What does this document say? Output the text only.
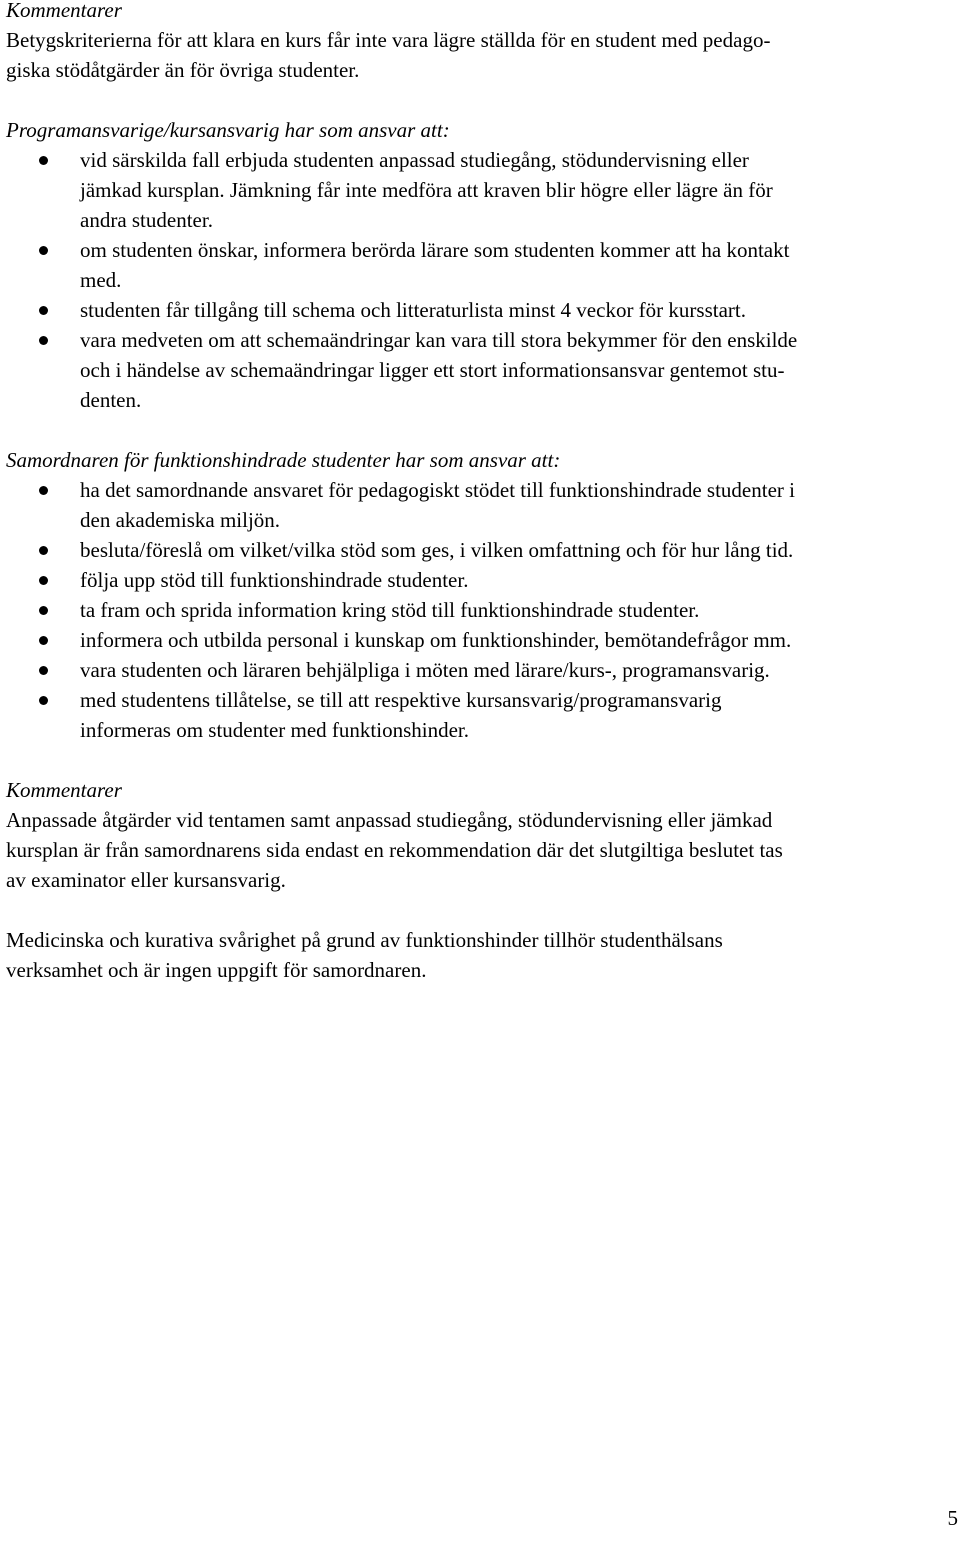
Kommentarer

Betygskriterierna för att klara en kurs får inte vara lägre ställda för en student med pedago-
giska stödåtgärder än för övriga studenter.

Programansvarige/kursansvarig har som ansvar att:

vid särskilda fall erbjuda studenten anpassad studiegång, stödundervisning eller
jämkad kursplan. Jämkning får inte medföra att kraven blir högre eller lägre än för
andra studenter.
om studenten önskar, informera berörda lärare som studenten kommer att ha kontakt
med.
studenten får tillgång till schema och litteraturlista minst 4 veckor för kursstart.
vara medveten om att schemaändringar kan vara till stora bekymmer för den enskilde
och i händelse av schemaändringar ligger ett stort informationsansvar gentemot stu-
denten.

Samordnaren för funktionshindrade studenter har som ansvar att:

ha det samordnande ansvaret för pedagogiskt stödet till funktionshindrade studenter i
den akademiska miljön.
besluta/föreslå om vilket/vilka stöd som ges, i vilken omfattning och för hur lång tid.
följa upp stöd till funktionshindrade studenter.
ta fram och sprida information kring stöd till funktionshindrade studenter.
informera och utbilda personal i kunskap om funktionshinder, bemötandefrågor mm.
vara studenten och läraren behjälpliga i möten med lärare/kurs-, programansvarig.
med studentens tillåtelse, se till att respektive kursansvarig/programansvarig
informeras om studenter med funktionshinder.

Kommentarer

Anpassade åtgärder vid tentamen samt anpassad studiegång, stödundervisning eller jämkad
kursplan är från samordnarens sida endast en rekommendation där det slutgiltiga beslutet tas
av examinator eller kursansvarig.

Medicinska och kurativa svårighet på grund av funktionshinder tillhör studenthälsans
verksamhet och är ingen uppgift för samordnaren.

5
